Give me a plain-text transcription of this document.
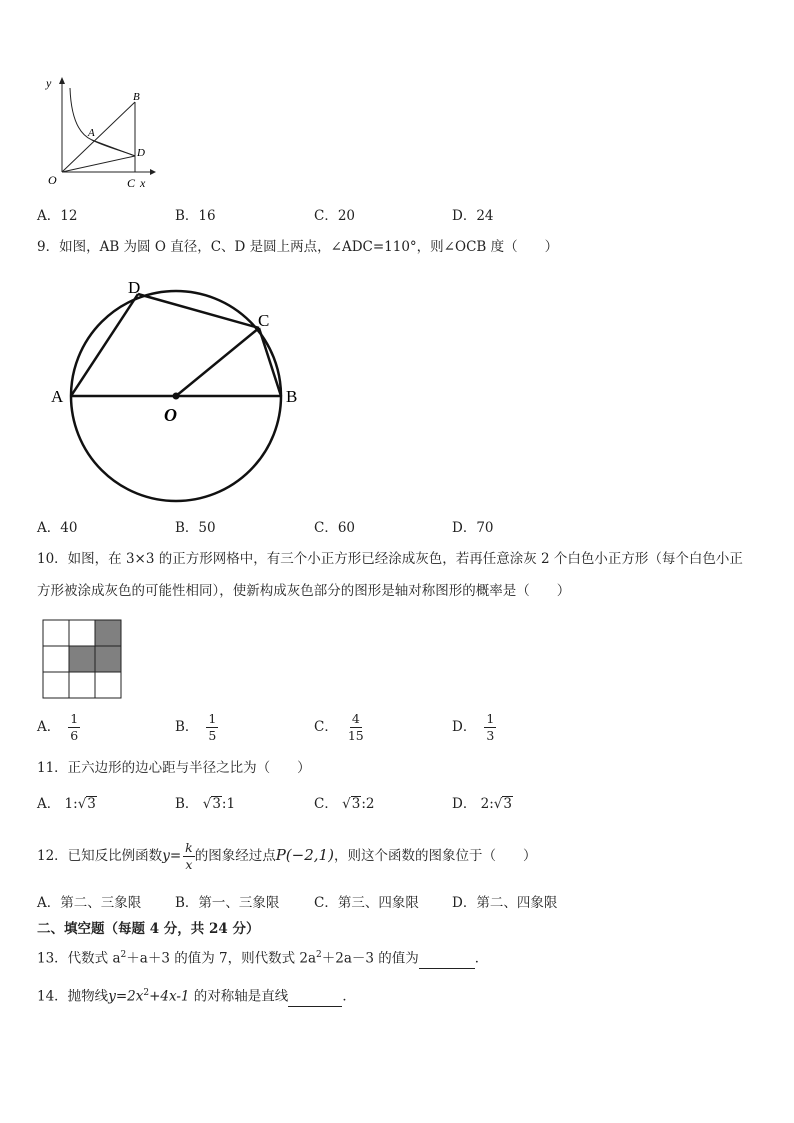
y
O
A
B
D
C x
A．12	B．16	C．20	D．24
9．如图，AB 为圆 O 直径，C、D 是圆上两点，∠ADC=110°，则∠OCB 度（　　）
A	B
C
D
O
A．40	B．50	C．60	D．70
10．如图，在 3×3 的正方形网格中，有三个小正方形已经涂成灰色，若再任意涂灰 2 个白色小正方形（每个白色小正
方形被涂成灰色的可能性相同），使新构成灰色部分的图形是轴对称图形的概率是（　　）
A． $\frac{1}{6}$	B． $\frac{1}{5}$	C． $\frac{4}{15}$	D． $\frac{1}{3}$
11．正六边形的边心距与半径之比为（　　）
A． 1:√3	B． √3:1	C． √3:2	D． 2:√3
12．已知反比例函数$y= \frac{k}{x}$ 的图象经过点P(−2,1)，则这个函数的图象位于（　　）
A．第二、三象限	B．第一、三象限	C．第三、四象限 D．第二、四象限
二、填空题（每题 4 分，共 24 分）
13．代数式 $a^2+a+3$ 的值为 7，则代数式 $2a^2+2a-3$ 的值为	．
14．抛物线$y=2x^2+4x-1$ 的对称轴是直线	．
